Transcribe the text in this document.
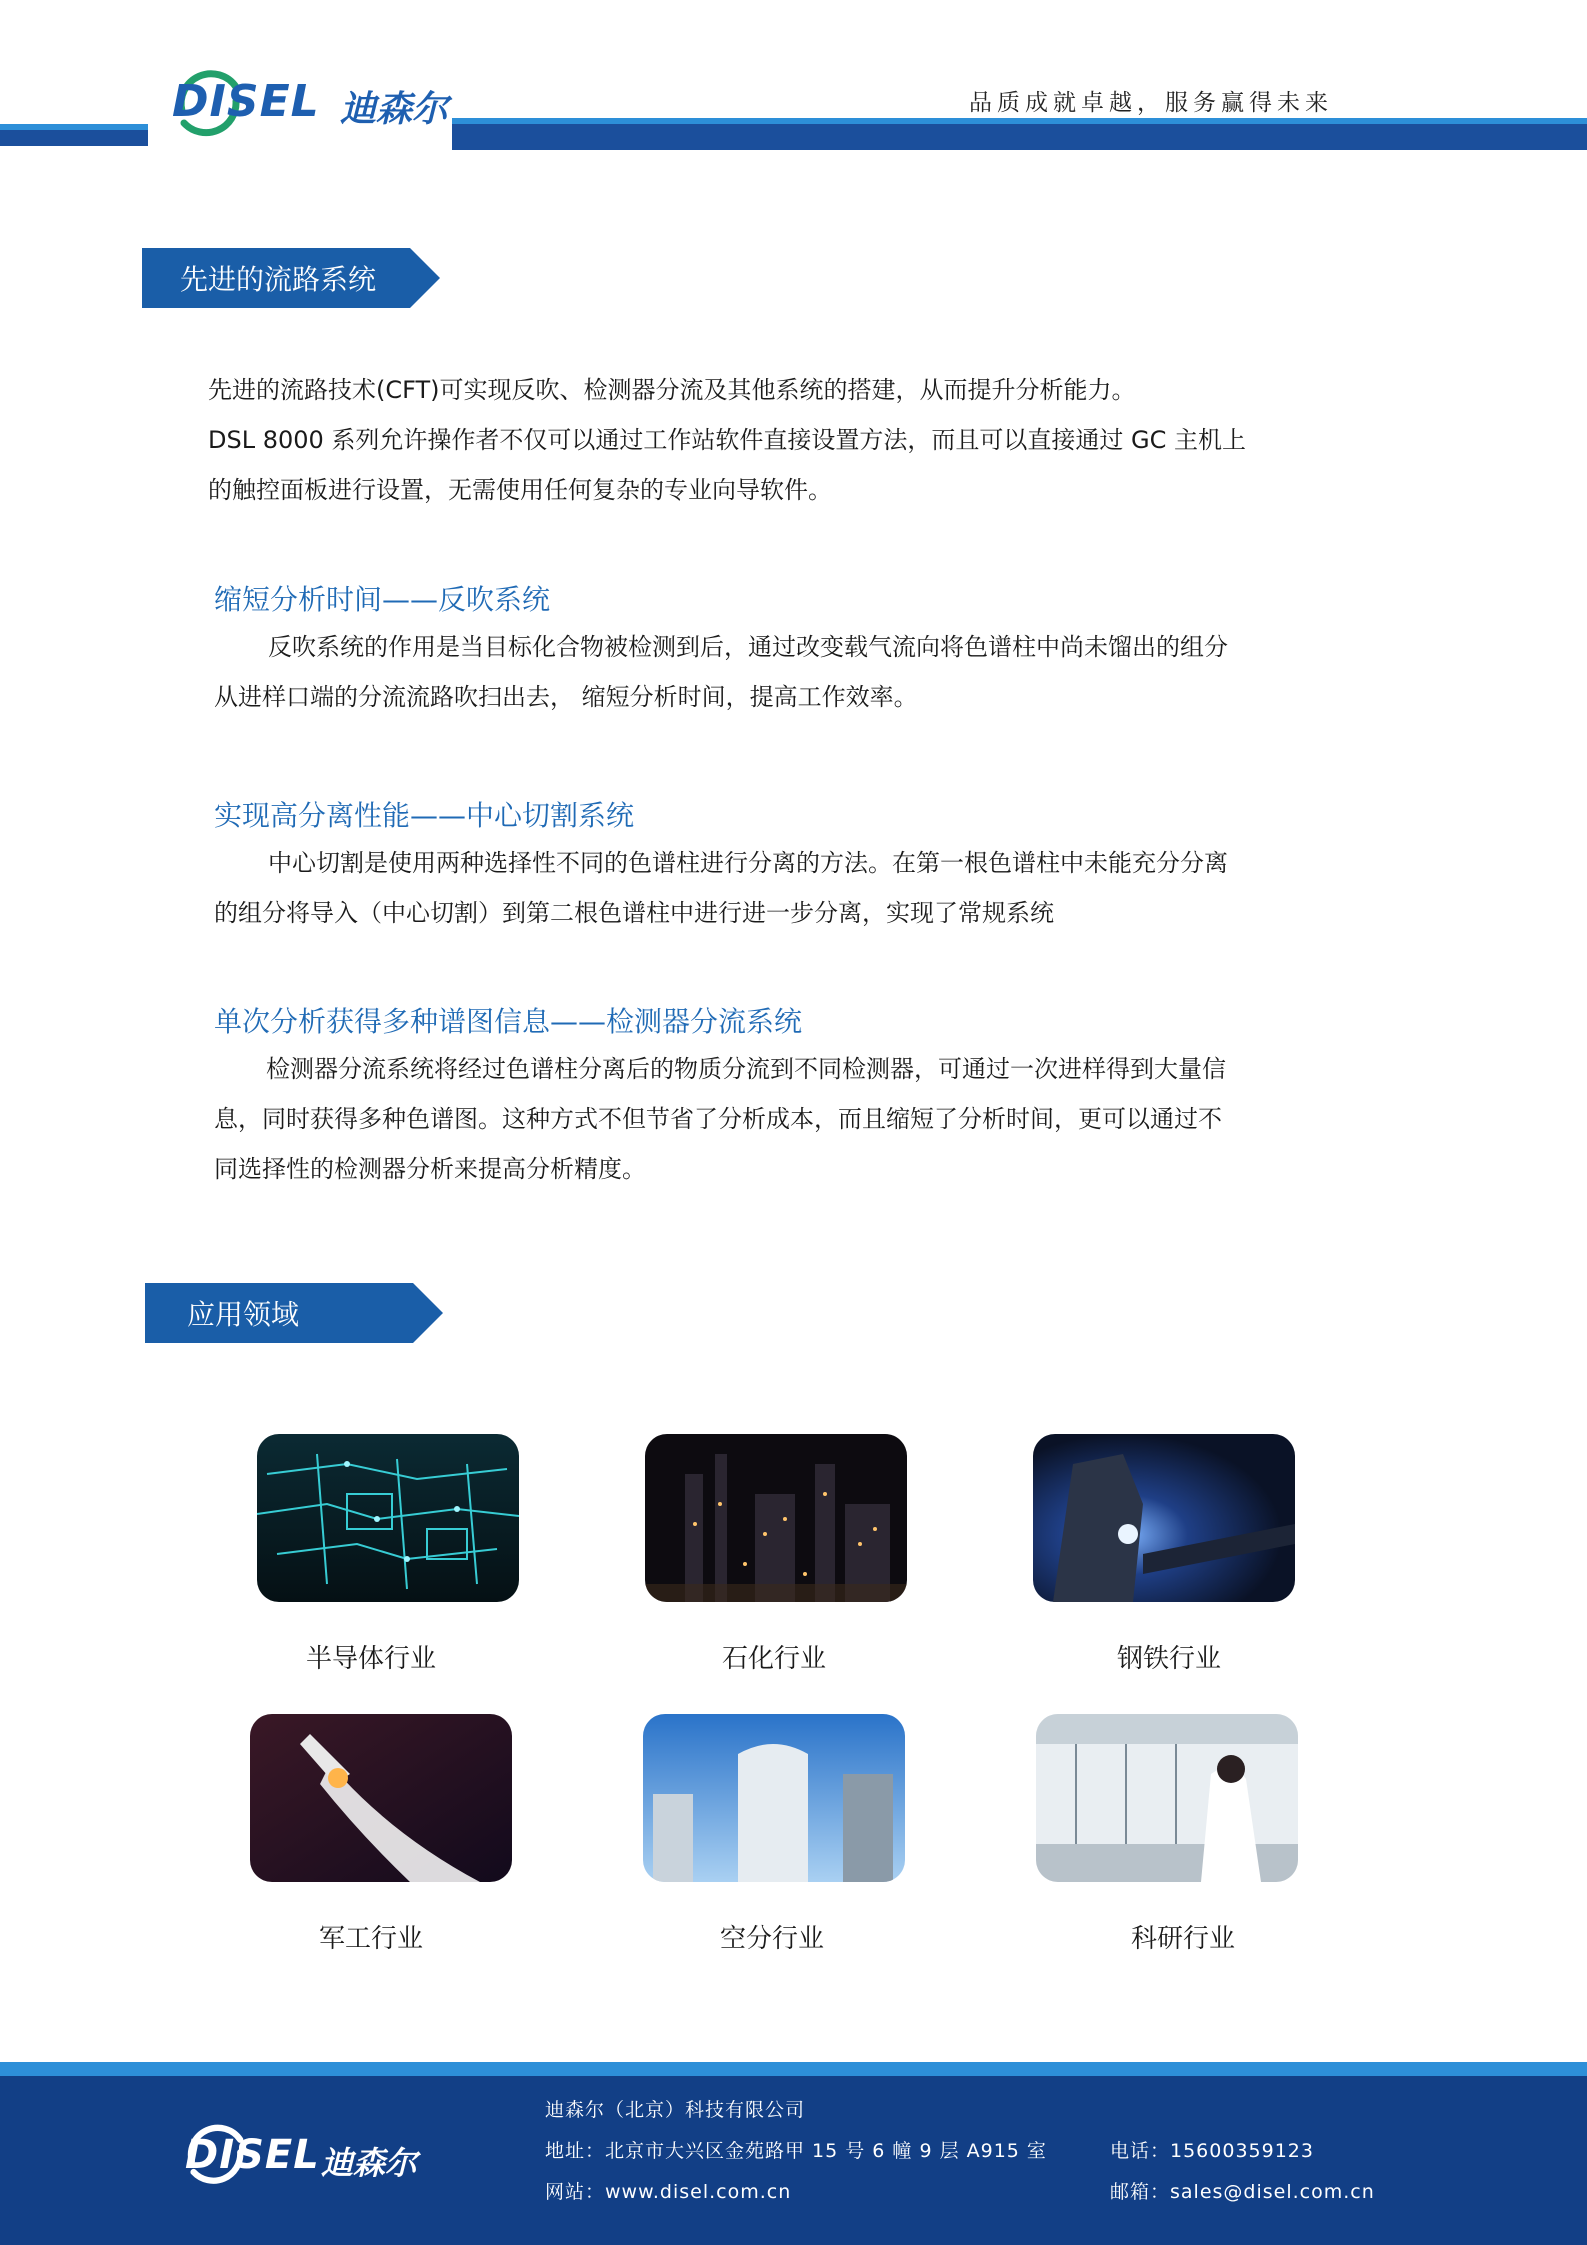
DISEL 迪森尔	品质成就卓越，服务赢得未来
先进的流路系统
先进的流路技术(CFT)可实现反吹、检测器分流及其他系统的搭建，从而提升分析能力。
DSL 8000 系列允许操作者不仅可以通过工作站软件直接设置方法，而且可以直接通过 GC 主机上
的触控面板进行设置，无需使用任何复杂的专业向导软件。
缩短分析时间——反吹系统
反吹系统的作用是当目标化合物被检测到后，通过改变载气流向将色谱柱中尚未馏出的组分
从进样口端的分流流路吹扫出去， 缩短分析时间，提高工作效率。
实现高分离性能——中心切割系统
中心切割是使用两种选择性不同的色谱柱进行分离的方法。在第一根色谱柱中未能充分分离
的组分将导入（中心切割）到第二根色谱柱中进行进一步分离，实现了常规系统
单次分析获得多种谱图信息——检测器分流系统
检测器分流系统将经过色谱柱分离后的物质分流到不同检测器，可通过一次进样得到大量信
息，同时获得多种色谱图。这种方式不但节省了分析成本，而且缩短了分析时间，更可以通过不
同选择性的检测器分析来提高分析精度。
应用领域
半导体行业	石化行业	钢铁行业
军工行业	空分行业	科研行业
DISEL 迪森尔
迪森尔（北京）科技有限公司
地址：北京市大兴区金苑路甲 15 号 6 幢 9 层 A915 室
网站：www.disel.com.cn
电话：15600359123
邮箱：sales@disel.com.cn
